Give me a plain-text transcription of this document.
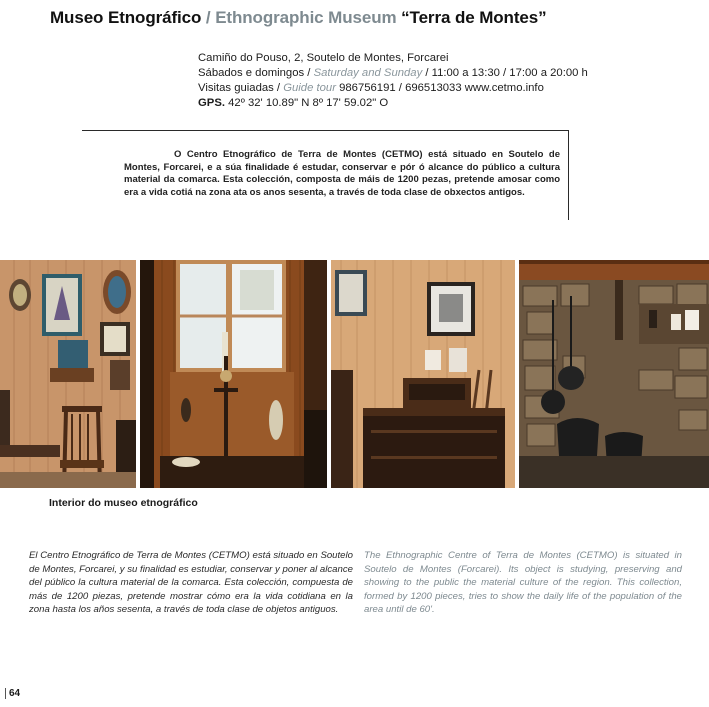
Museo Etnográfico / Ethnographic Museum “Terra de Montes”
Camiño do Pouso, 2, Soutelo de Montes, Forcarei
Sábados e domingos / Saturday and Sunday / 11:00 a 13:30 / 17:00 a 20:00 h
Visitas guiadas / Guide tour 986756191 / 696513033 www.cetmo.info
GPS. 42º 32' 10.89" N 8º 17' 59.02" O
O Centro Etnográfico de Terra de Montes (CETMO) está situado en Soutelo de Montes, Forcarei, e a súa finalidade é estudar, conservar e pór ó alcance do público a cultura material da comarca. Esta colección, composta de máis de 1200 pezas, pretende amosar como era a vida cotiá na zona ata os anos sesenta, a través de toda clase de obxectos antigos.
Interior do museo etnográfico
El Centro Etnográfico de Terra de Montes (CETMO) está situado en Soutelo de Montes, Forcarei, y su finalidad es estudiar, conservar y poner al alcance del público la cultura material de la comarca. Esta colección, compuesta de más de 1200 piezas, pretende mostrar cómo era la vida cotidiana en la zona hasta los años sesenta, a través de toda clase de objetos antiguos.
The Ethnographic Centre of Terra de Montes (CETMO) is situated in Soutelo de Montes (Forcarei). Its object is studying, preserving and showing to the public the material culture of the region. This collection, formed by 1200 pieces, tries to show the daily life of the population of the area until de 60'.
64
